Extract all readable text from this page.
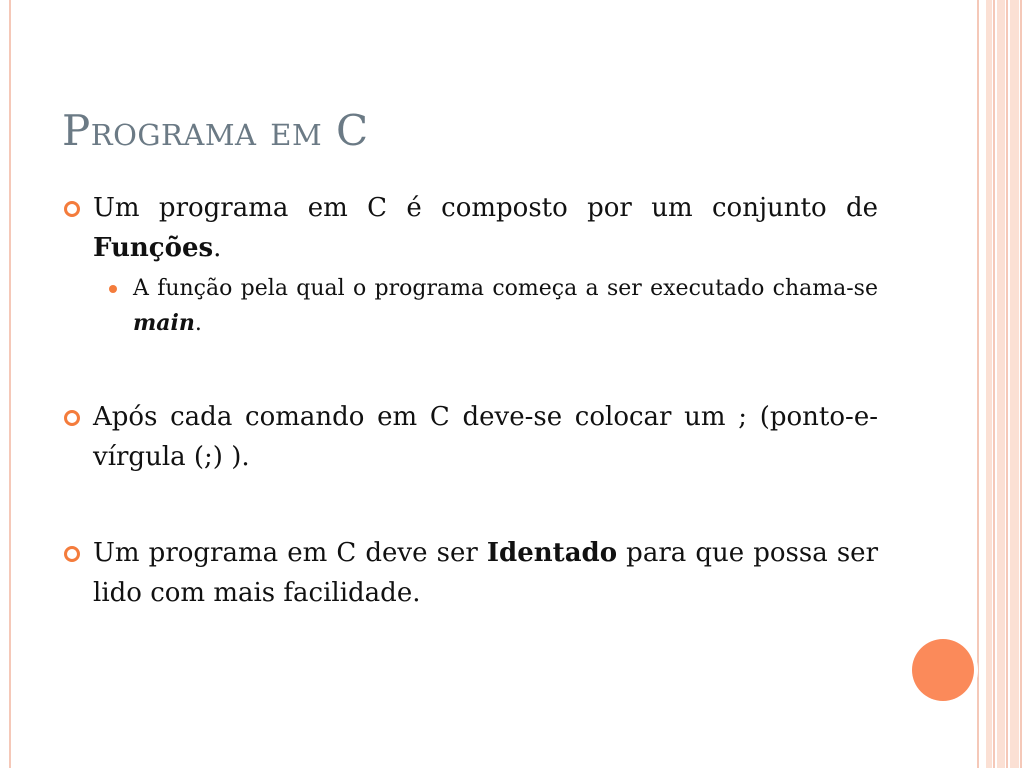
Programa em C
Um programa em C é composto por um conjunto de Funções.
A função pela qual o programa começa a ser executado chama-se main.
Após cada comando em C deve-se colocar um ; (ponto-e-vírgula (;) ).
Um programa em C deve ser Identado para que possa ser lido com mais facilidade.
